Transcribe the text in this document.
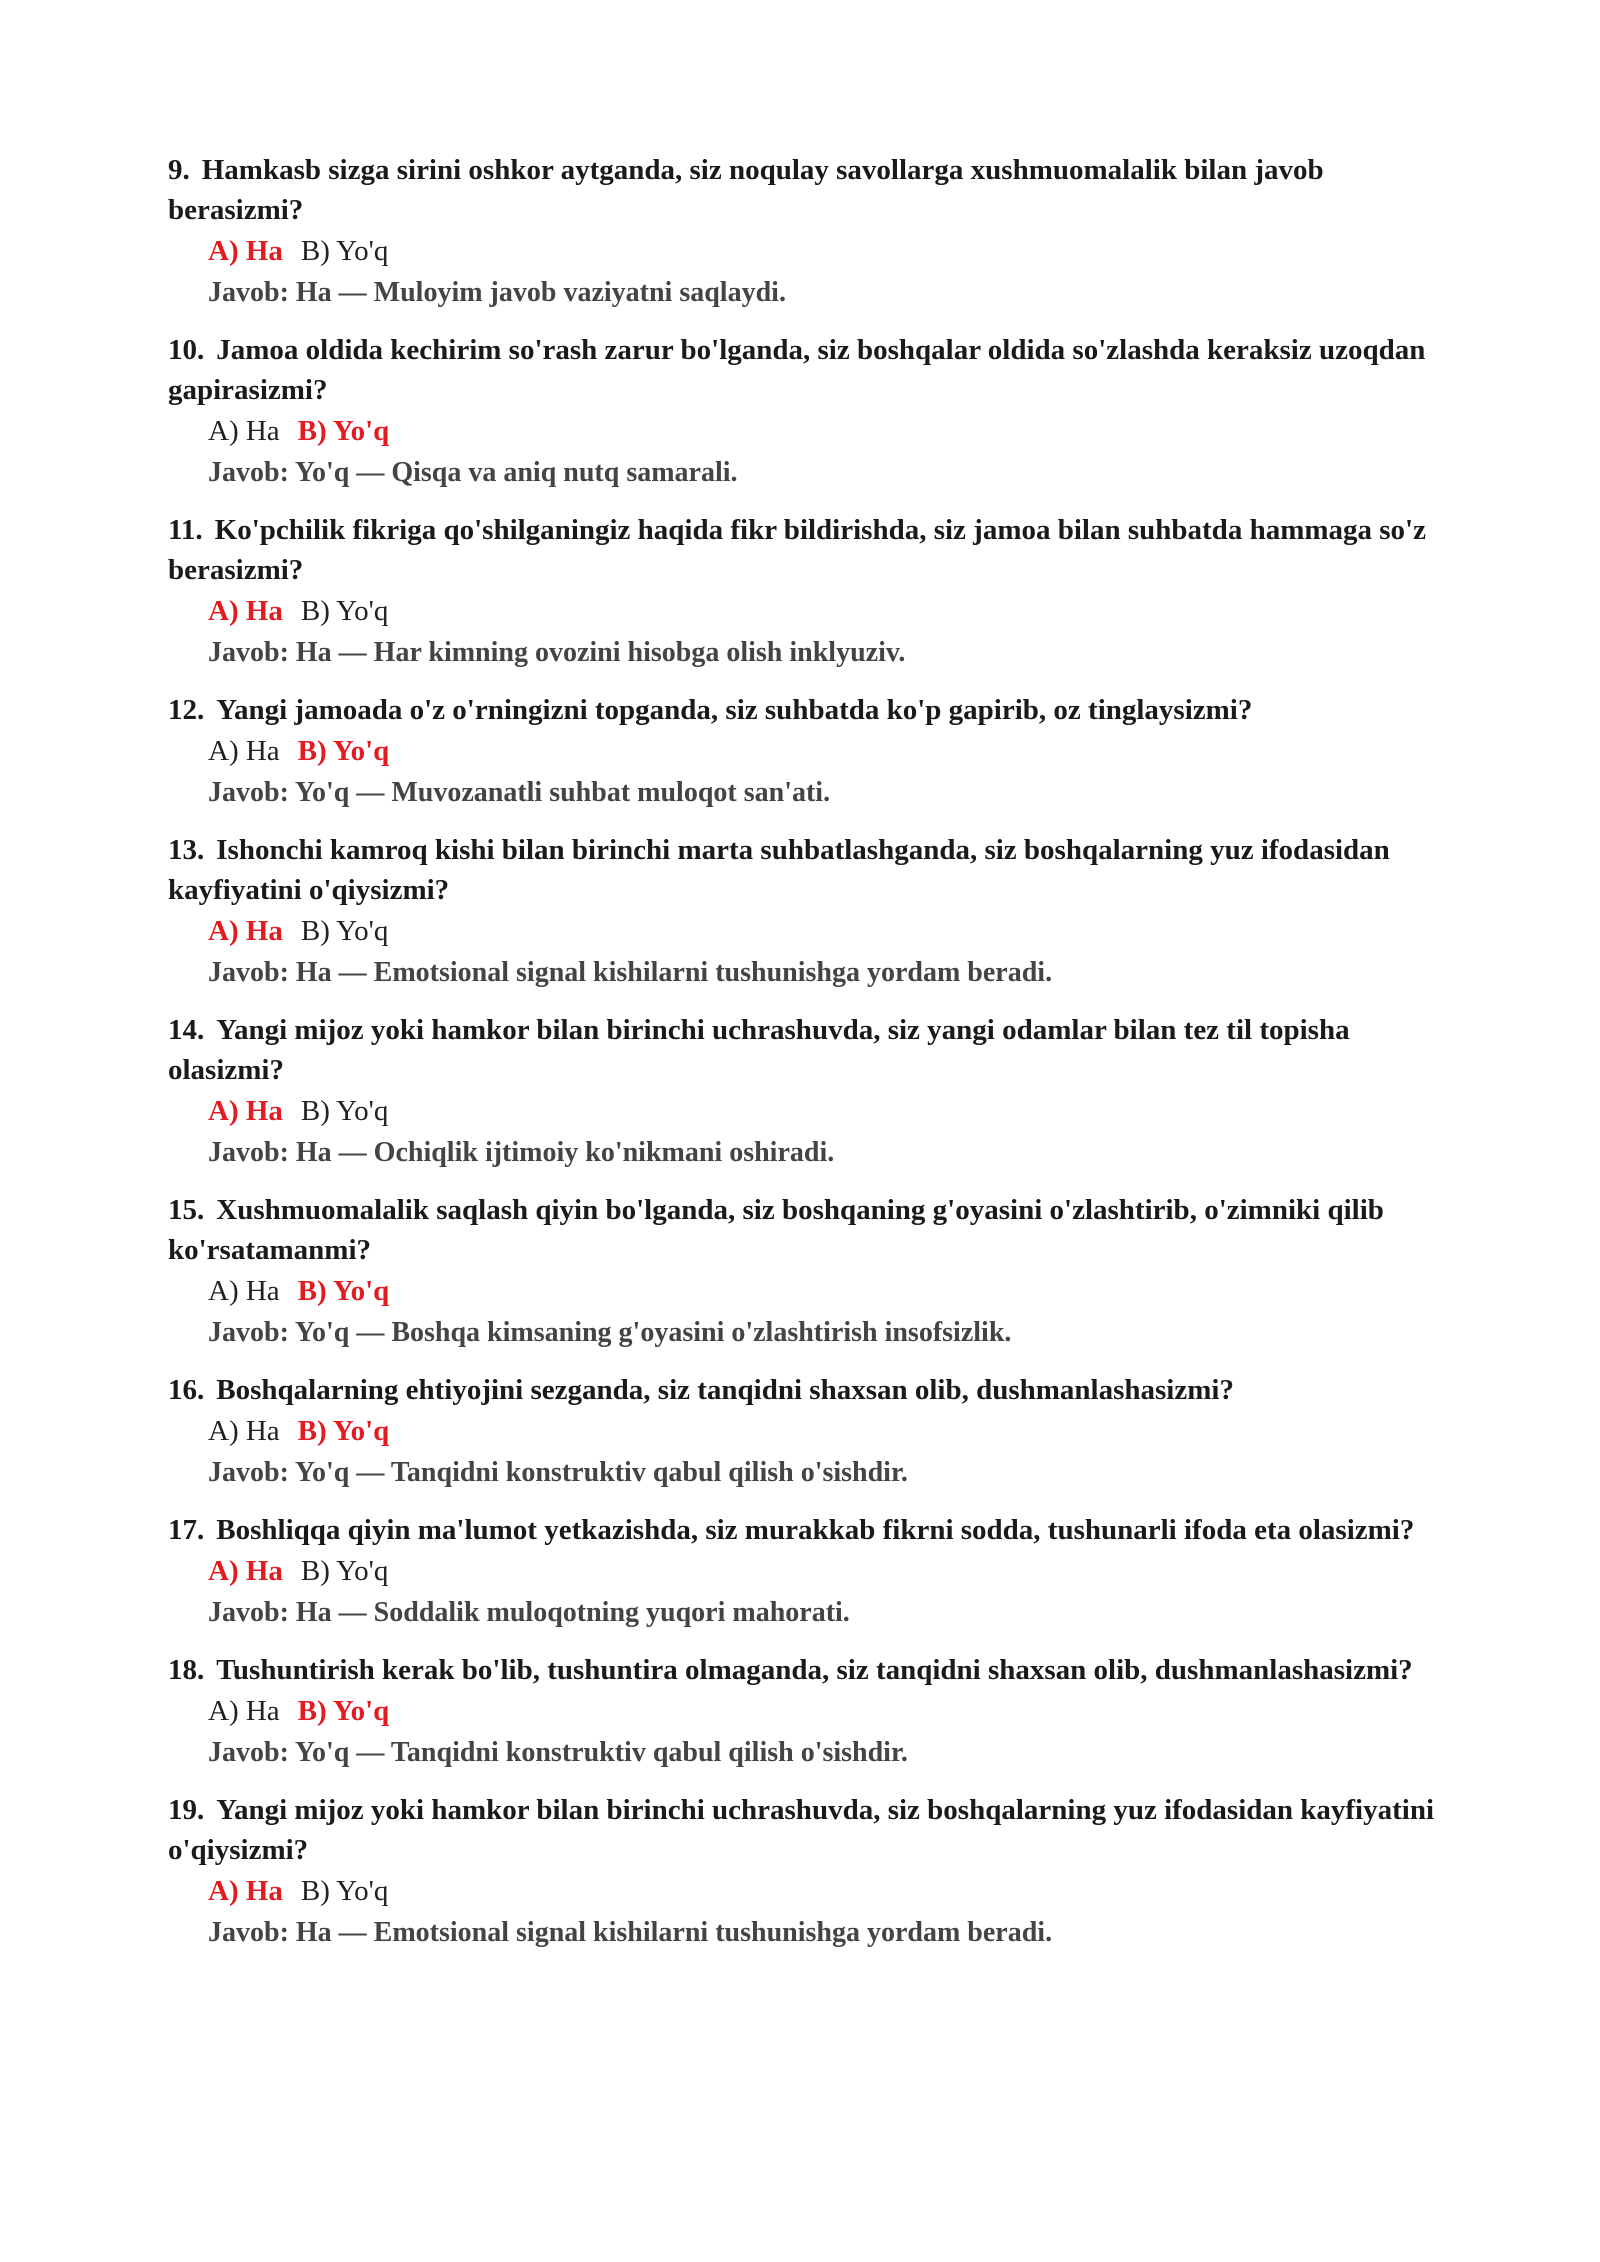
9. Hamkasb sizga sirini oshkor aytganda, siz noqulay savollarga xushmuomalalik bilan javob berasizmi?
A) Ha B) Yo'q
Javob: Ha — Muloyim javob vaziyatni saqlaydi.
10. Jamoa oldida kechirim so'rash zarur bo'lganda, siz boshqalar oldida so'zlashda keraksiz uzoqdan gapirasizmi?
A) Ha B) Yo'q
Javob: Yo'q — Qisqa va aniq nutq samarali.
11. Ko'pchilik fikriga qo'shilganingiz haqida fikr bildirishda, siz jamoa bilan suhbatda hammaga so'z berasizmi?
A) Ha B) Yo'q
Javob: Ha — Har kimning ovozini hisobga olish inklyuziv.
12. Yangi jamoada o'z o'rningizni topganda, siz suhbatda ko'p gapirib, oz tinglaysizmi?
A) Ha B) Yo'q
Javob: Yo'q — Muvozanatli suhbat muloqot san'ati.
13. Ishonchi kamroq kishi bilan birinchi marta suhbatlashganda, siz boshqalarning yuz ifodasidan kayfiyatini o'qiysizmi?
A) Ha B) Yo'q
Javob: Ha — Emotsional signal kishilarni tushunishga yordam beradi.
14. Yangi mijoz yoki hamkor bilan birinchi uchrashuvda, siz yangi odamlar bilan tez til topisha olasizmi?
A) Ha B) Yo'q
Javob: Ha — Ochiqlik ijtimoiy ko'nikmani oshiradi.
15. Xushmuomalalik saqlash qiyin bo'lganda, siz boshqaning g'oyasini o'zlashtirib, o'zimniki qilib ko'rsatamanmi?
A) Ha B) Yo'q
Javob: Yo'q — Boshqa kimsaning g'oyasini o'zlashtirish insofsizlik.
16. Boshqalarning ehtiyojini sezganda, siz tanqidni shaxsan olib, dushmanlashasizmi?
A) Ha B) Yo'q
Javob: Yo'q — Tanqidni konstruktiv qabul qilish o'sishdir.
17. Boshliqqa qiyin ma'lumot yetkazishda, siz murakkab fikrni sodda, tushunarli ifoda eta olasizmi?
A) Ha B) Yo'q
Javob: Ha — Soddalik muloqotning yuqori mahorati.
18. Tushuntirish kerak bo'lib, tushuntira olmaganda, siz tanqidni shaxsan olib, dushmanlashasizmi?
A) Ha B) Yo'q
Javob: Yo'q — Tanqidni konstruktiv qabul qilish o'sishdir.
19. Yangi mijoz yoki hamkor bilan birinchi uchrashuvda, siz boshqalarning yuz ifodasidan kayfiyatini o'qiysizmi?
A) Ha B) Yo'q
Javob: Ha — Emotsional signal kishilarni tushunishga yordam beradi.
